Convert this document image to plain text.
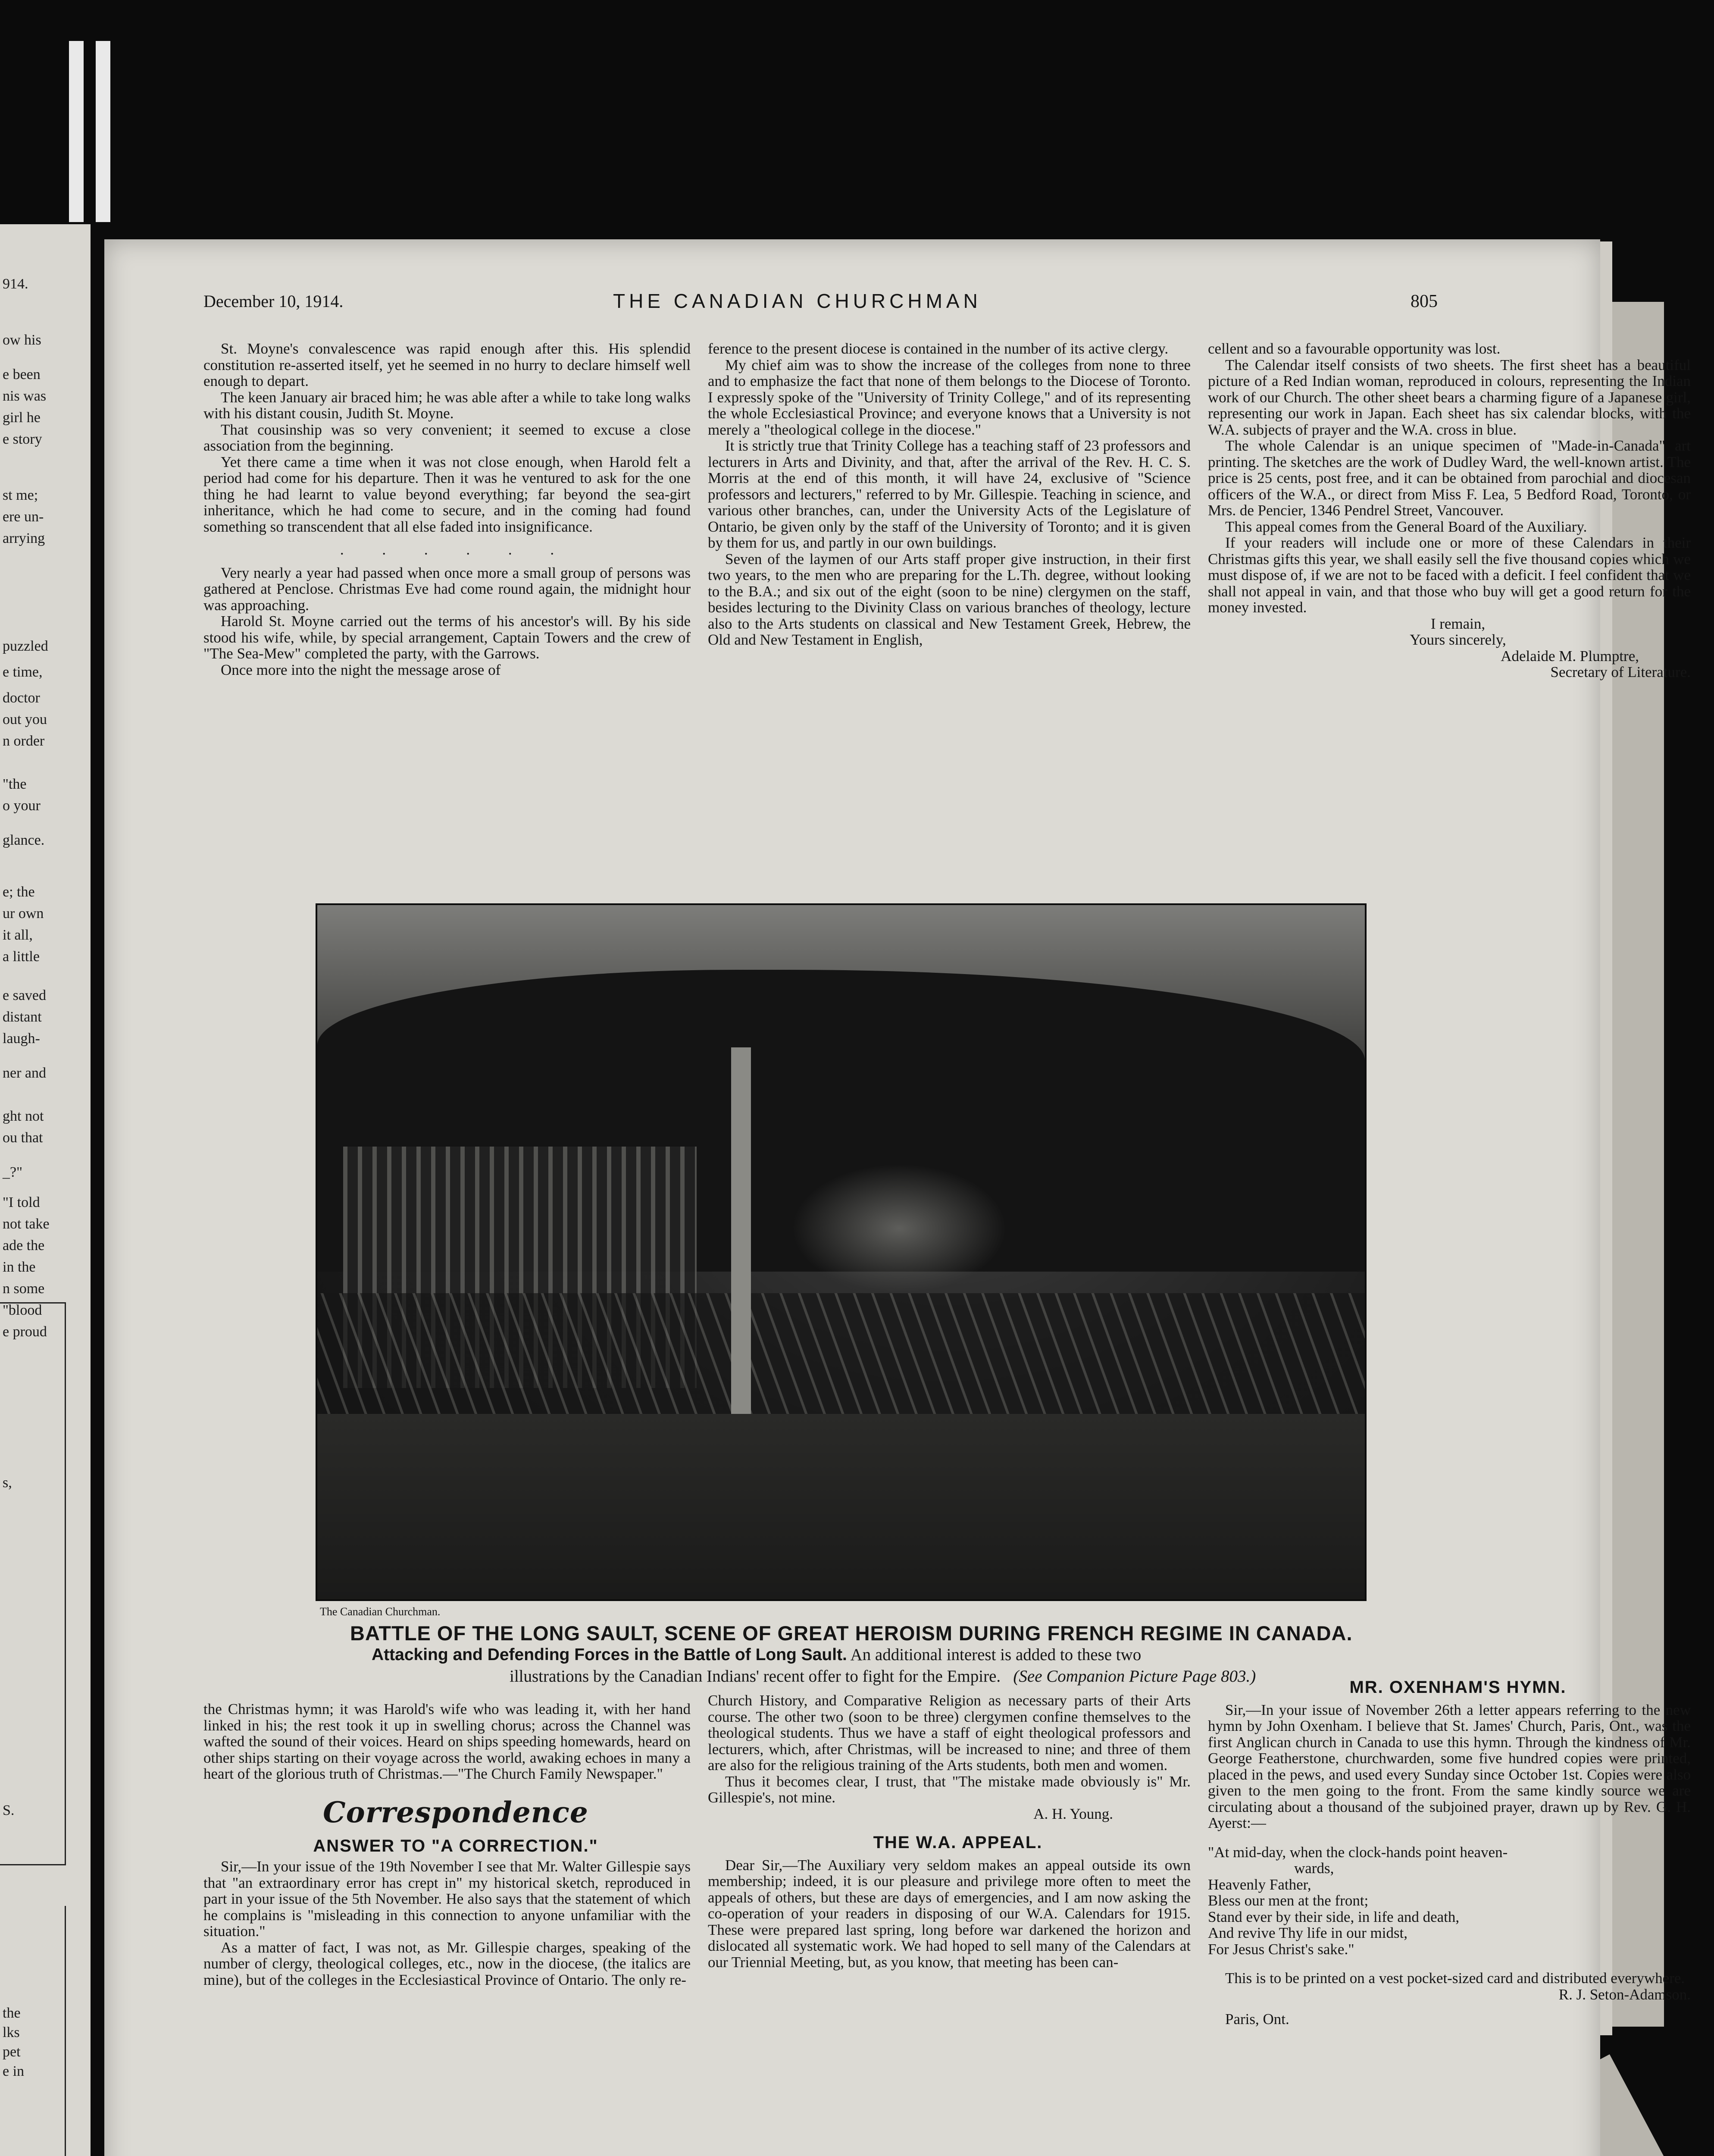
914.
ow his
e been
nis was
girl he
e story
st me;
ere un-
arrying
puzzled
e time,
doctor
out you
n order
"the
o your
glance.
e; the
ur own
it all,
a little
e saved
distant
laugh-
ner and
ght not
ou that
_?"
"I told
not take
ade the
in the
n some
"blood
e proud
s,
S.
the
lks
pet
e in
December 10, 1914.	THE CANADIAN CHURCHMAN	805

St. Moyne's convalescence was rapid enough after this. His splendid constitution re-asserted itself, yet he seemed in no hurry to declare himself well enough to depart.

The keen January air braced him; he was able after a while to take long walks with his distant cousin, Judith St. Moyne.

That cousinship was so very convenient; it seemed to excuse a close association from the beginning.

Yet there came a time when it was not close enough, when Harold felt a period had come for his departure. Then it was he ventured to ask for the one thing he had learnt to value beyond everything; far beyond the sea-girt inheritance, which he had come to secure, and in the coming had found something so transcendent that all else faded into insignificance.

. . . . . .

Very nearly a year had passed when once more a small group of persons was gathered at Penclose. Christmas Eve had come round again, the midnight hour was approaching.

Harold St. Moyne carried out the terms of his ancestor's will. By his side stood his wife, while, by special arrangement, Captain Towers and the crew of "The Sea-Mew" completed the party, with the Garrows.

Once more into the night the message arose of

ference to the present diocese is contained in the number of its active clergy.

My chief aim was to show the increase of the colleges from none to three and to emphasize the fact that none of them belongs to the Diocese of Toronto. I expressly spoke of the "University of Trinity College," and of its representing the whole Ecclesiastical Province; and everyone knows that a University is not merely a "theological college in the diocese."

It is strictly true that Trinity College has a teaching staff of 23 professors and lecturers in Arts and Divinity, and that, after the arrival of the Rev. H. C. S. Morris at the end of this month, it will have 24, exclusive of "Science professors and lecturers," referred to by Mr. Gillespie. Teaching in science, and various other branches, can, under the University Acts of the Legislature of Ontario, be given only by the staff of the University of Toronto; and it is given by them for us, and partly in our own buildings.

Seven of the laymen of our Arts staff proper give instruction, in their first two years, to the men who are preparing for the L.Th. degree, without looking to the B.A.; and six out of the eight (soon to be nine) clergymen on the staff, besides lecturing to the Divinity Class on various branches of theology, lecture also to the Arts students on classical and New Testament Greek, Hebrew, the Old and New Testament in English,

cellent and so a favourable opportunity was lost.

The Calendar itself consists of two sheets. The first sheet has a beautiful picture of a Red Indian woman, reproduced in colours, representing the Indian work of our Church. The other sheet bears a charming figure of a Japanese girl, representing our work in Japan. Each sheet has six calendar blocks, with the W.A. subjects of prayer and the W.A. cross in blue.

The whole Calendar is an unique specimen of "Made-in-Canada" art printing. The sketches are the work of Dudley Ward, the well-known artist. The price is 25 cents, post free, and it can be obtained from parochial and diocesan officers of the W.A., or direct from Miss F. Lea, 5 Bedford Road, Toronto, or Mrs. de Pencier, 1346 Pendrel Street, Vancouver.

This appeal comes from the General Board of the Auxiliary.

If your readers will include one or more of these Calendars in their Christmas gifts this year, we shall easily sell the five thousand copies which we must dispose of, if we are not to be faced with a deficit. I feel confident that we shall not appeal in vain, and that those who buy will get a good return for the money invested.

I remain,

Yours sincerely,

Adelaide M. Plumptre,

Secretary of Literature.

The Canadian Churchman.
BATTLE OF THE LONG SAULT, SCENE OF GREAT HEROISM DURING FRENCH REGIME IN CANADA.
Attacking and Defending Forces in the Battle of Long Sault. An additional interest is added to these two
illustrations by the Canadian Indians' recent offer to fight for the Empire. (See Companion Picture Page 803.)

the Christmas hymn; it was Harold's wife who was leading it, with her hand linked in his; the rest took it up in swelling chorus; across the Channel was wafted the sound of their voices. Heard on ships speeding homewards, heard on other ships starting on their voyage across the world, awaking echoes in many a heart of the glorious truth of Christmas.—"The Church Family Newspaper."

Correspondence

ANSWER TO "A CORRECTION."

Sir,—In your issue of the 19th November I see that Mr. Walter Gillespie says that "an extraordinary error has crept in" my historical sketch, reproduced in part in your issue of the 5th November. He also says that the statement of which he complains is "misleading in this connection to anyone unfamiliar with the situation."

As a matter of fact, I was not, as Mr. Gillespie charges, speaking of the number of clergy, theological colleges, etc., now in the diocese, (the italics are mine), but of the colleges in the Ecclesiastical Province of Ontario. The only re-

Church History, and Comparative Religion as necessary parts of their Arts course. The other two (soon to be three) clergymen confine themselves to the theological students. Thus we have a staff of eight theological professors and lecturers, which, after Christmas, will be increased to nine; and three of them are also for the religious training of the Arts students, both men and women.

Thus it becomes clear, I trust, that "The mistake made obviously is" Mr. Gillespie's, not mine.

A. H. Young.

THE W.A. APPEAL.

Dear Sir,—The Auxiliary very seldom makes an appeal outside its own membership; indeed, it is our pleasure and privilege more often to meet the appeals of others, but these are days of emergencies, and I am now asking the co-operation of your readers in disposing of our W.A. Calendars for 1915. These were prepared last spring, long before war darkened the horizon and dislocated all systematic work. We had hoped to sell many of the Calendars at our Triennial Meeting, but, as you know, that meeting has been can-

MR. OXENHAM'S HYMN.

Sir,—In your issue of November 26th a letter appears referring to the new hymn by John Oxenham. I believe that St. James' Church, Paris, Ont., was the first Anglican church in Canada to use this hymn. Through the kindness of Mr. George Featherstone, churchwarden, some five hundred copies were printed, placed in the pews, and used every Sunday since October 1st. Copies were also given to the men going to the front. From the same kindly source we are circulating about a thousand of the subjoined prayer, drawn up by Rev. G. H. Ayerst:—

"At mid-day, when the clock-hands point heaven-

wards,

Heavenly Father,

Bless our men at the front;

Stand ever by their side, in life and death,

And revive Thy life in our midst,

For Jesus Christ's sake."

This is to be printed on a vest pocket-sized card and distributed everywhere.

R. J. Seton-Adamson.

Paris, Ont.
